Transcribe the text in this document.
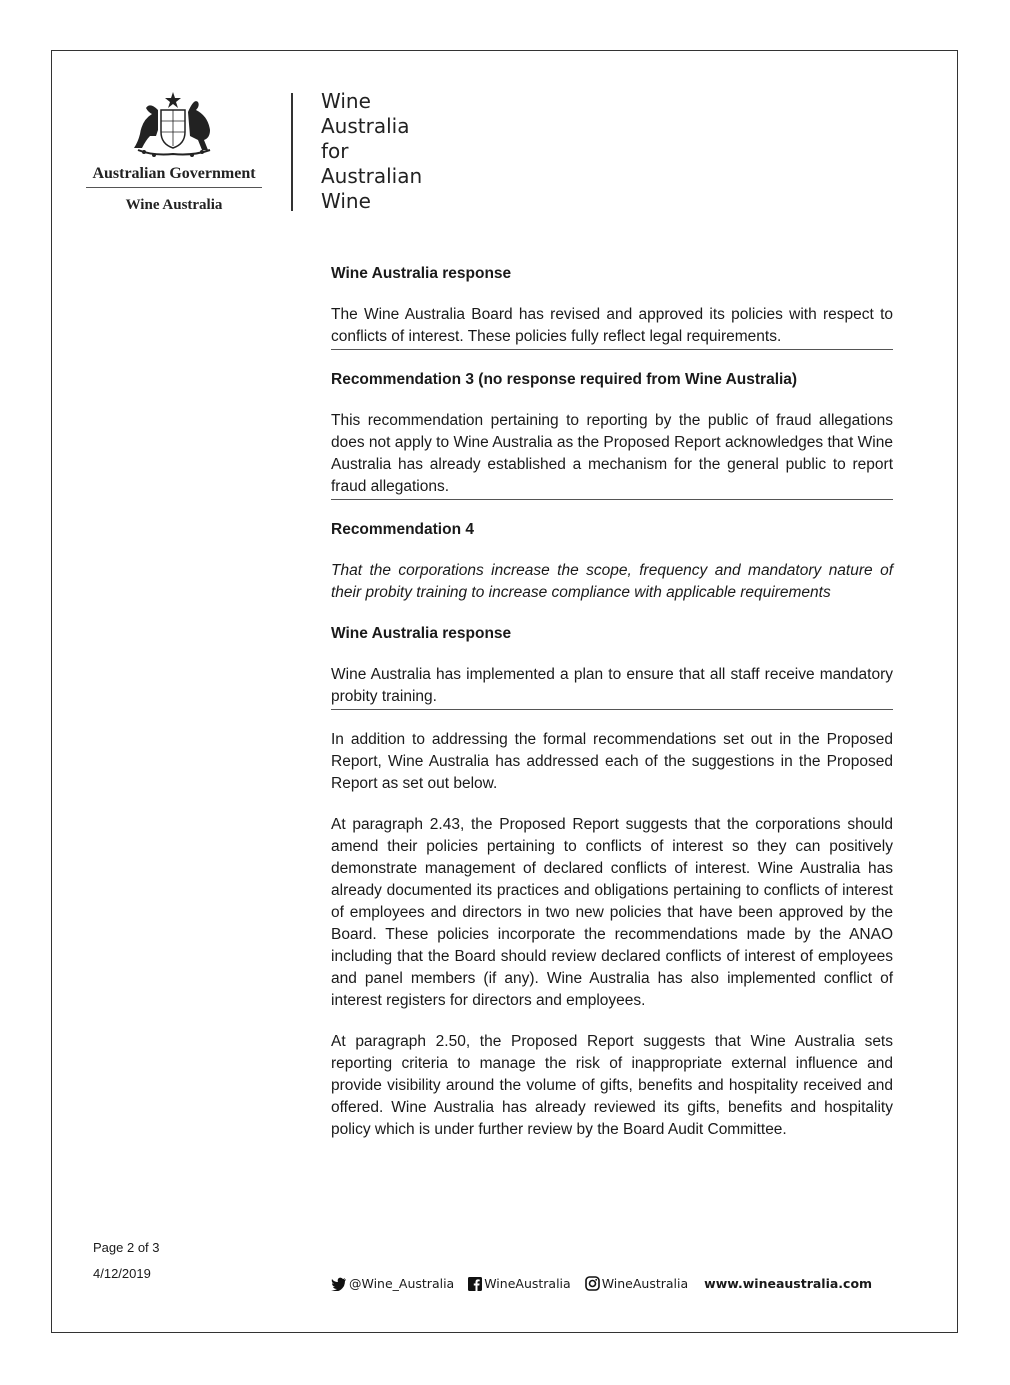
Australian Government
Wine Australia
Wine
Australia
for
Australian
Wine

Wine Australia response

The Wine Australia Board has revised and approved its policies with respect to conflicts of interest. These policies fully reflect legal requirements.

Recommendation 3 (no response required from Wine Australia)

This recommendation pertaining to reporting by the public of fraud allegations does not apply to Wine Australia as the Proposed Report acknowledges that Wine Australia has already established a mechanism for the general public to report fraud allegations.

Recommendation 4

That the corporations increase the scope, frequency and mandatory nature of their probity training to increase compliance with applicable requirements

Wine Australia response

Wine Australia has implemented a plan to ensure that all staff receive mandatory probity training.

In addition to addressing the formal recommendations set out in the Proposed Report, Wine Australia has addressed each of the suggestions in the Proposed Report as set out below.

At paragraph 2.43, the Proposed Report suggests that the corporations should amend their policies pertaining to conflicts of interest so they can positively demonstrate management of declared conflicts of interest. Wine Australia has already documented its practices and obligations pertaining to conflicts of interest of employees and directors in two new policies that have been approved by the Board. These policies incorporate the recommendations made by the ANAO including that the Board should review declared conflicts of interest of employees and panel members (if any). Wine Australia has also implemented conflict of interest registers for directors and employees.

At paragraph 2.50, the Proposed Report suggests that Wine Australia sets reporting criteria to manage the risk of inappropriate external influence and provide visibility around the volume of gifts, benefits and hospitality received and offered. Wine Australia has already reviewed its gifts, benefits and hospitality policy which is under further review by the Board Audit Committee.

Page 2 of 3
4/12/2019
@Wine_Australia WineAustralia WineAustralia www.wineaustralia.com
